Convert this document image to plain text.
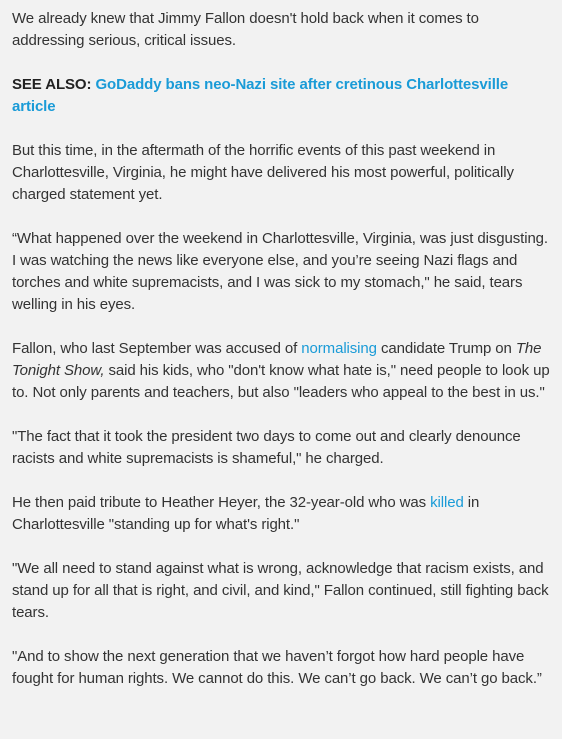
We already knew that Jimmy Fallon doesn't hold back when it comes to addressing serious, critical issues.

SEE ALSO: GoDaddy bans neo-Nazi site after cretinous Charlottesville article

But this time, in the aftermath of the horrific events of this past weekend in Charlottesville, Virginia, he might have delivered his most powerful, politically charged statement yet.

“What happened over the weekend in Charlottesville, Virginia, was just disgusting. I was watching the news like everyone else, and you’re seeing Nazi flags and torches and white supremacists, and I was sick to my stomach," he said, tears welling in his eyes.

Fallon, who last September was accused of normalising candidate Trump on The Tonight Show, said his kids, who "don't know what hate is," need people to look up to. Not only parents and teachers, but also "leaders who appeal to the best in us."

"The fact that it took the president two days to come out and clearly denounce racists and white supremacists is shameful," he charged.

He then paid tribute to Heather Heyer, the 32-year-old who was killed in Charlottesville "standing up for what's right."

"We all need to stand against what is wrong, acknowledge that racism exists, and stand up for all that is right, and civil, and kind," Fallon continued, still fighting back tears.

"And to show the next generation that we haven’t forgot how hard people have fought for human rights. We cannot do this. We can’t go back. We can’t go back.”
